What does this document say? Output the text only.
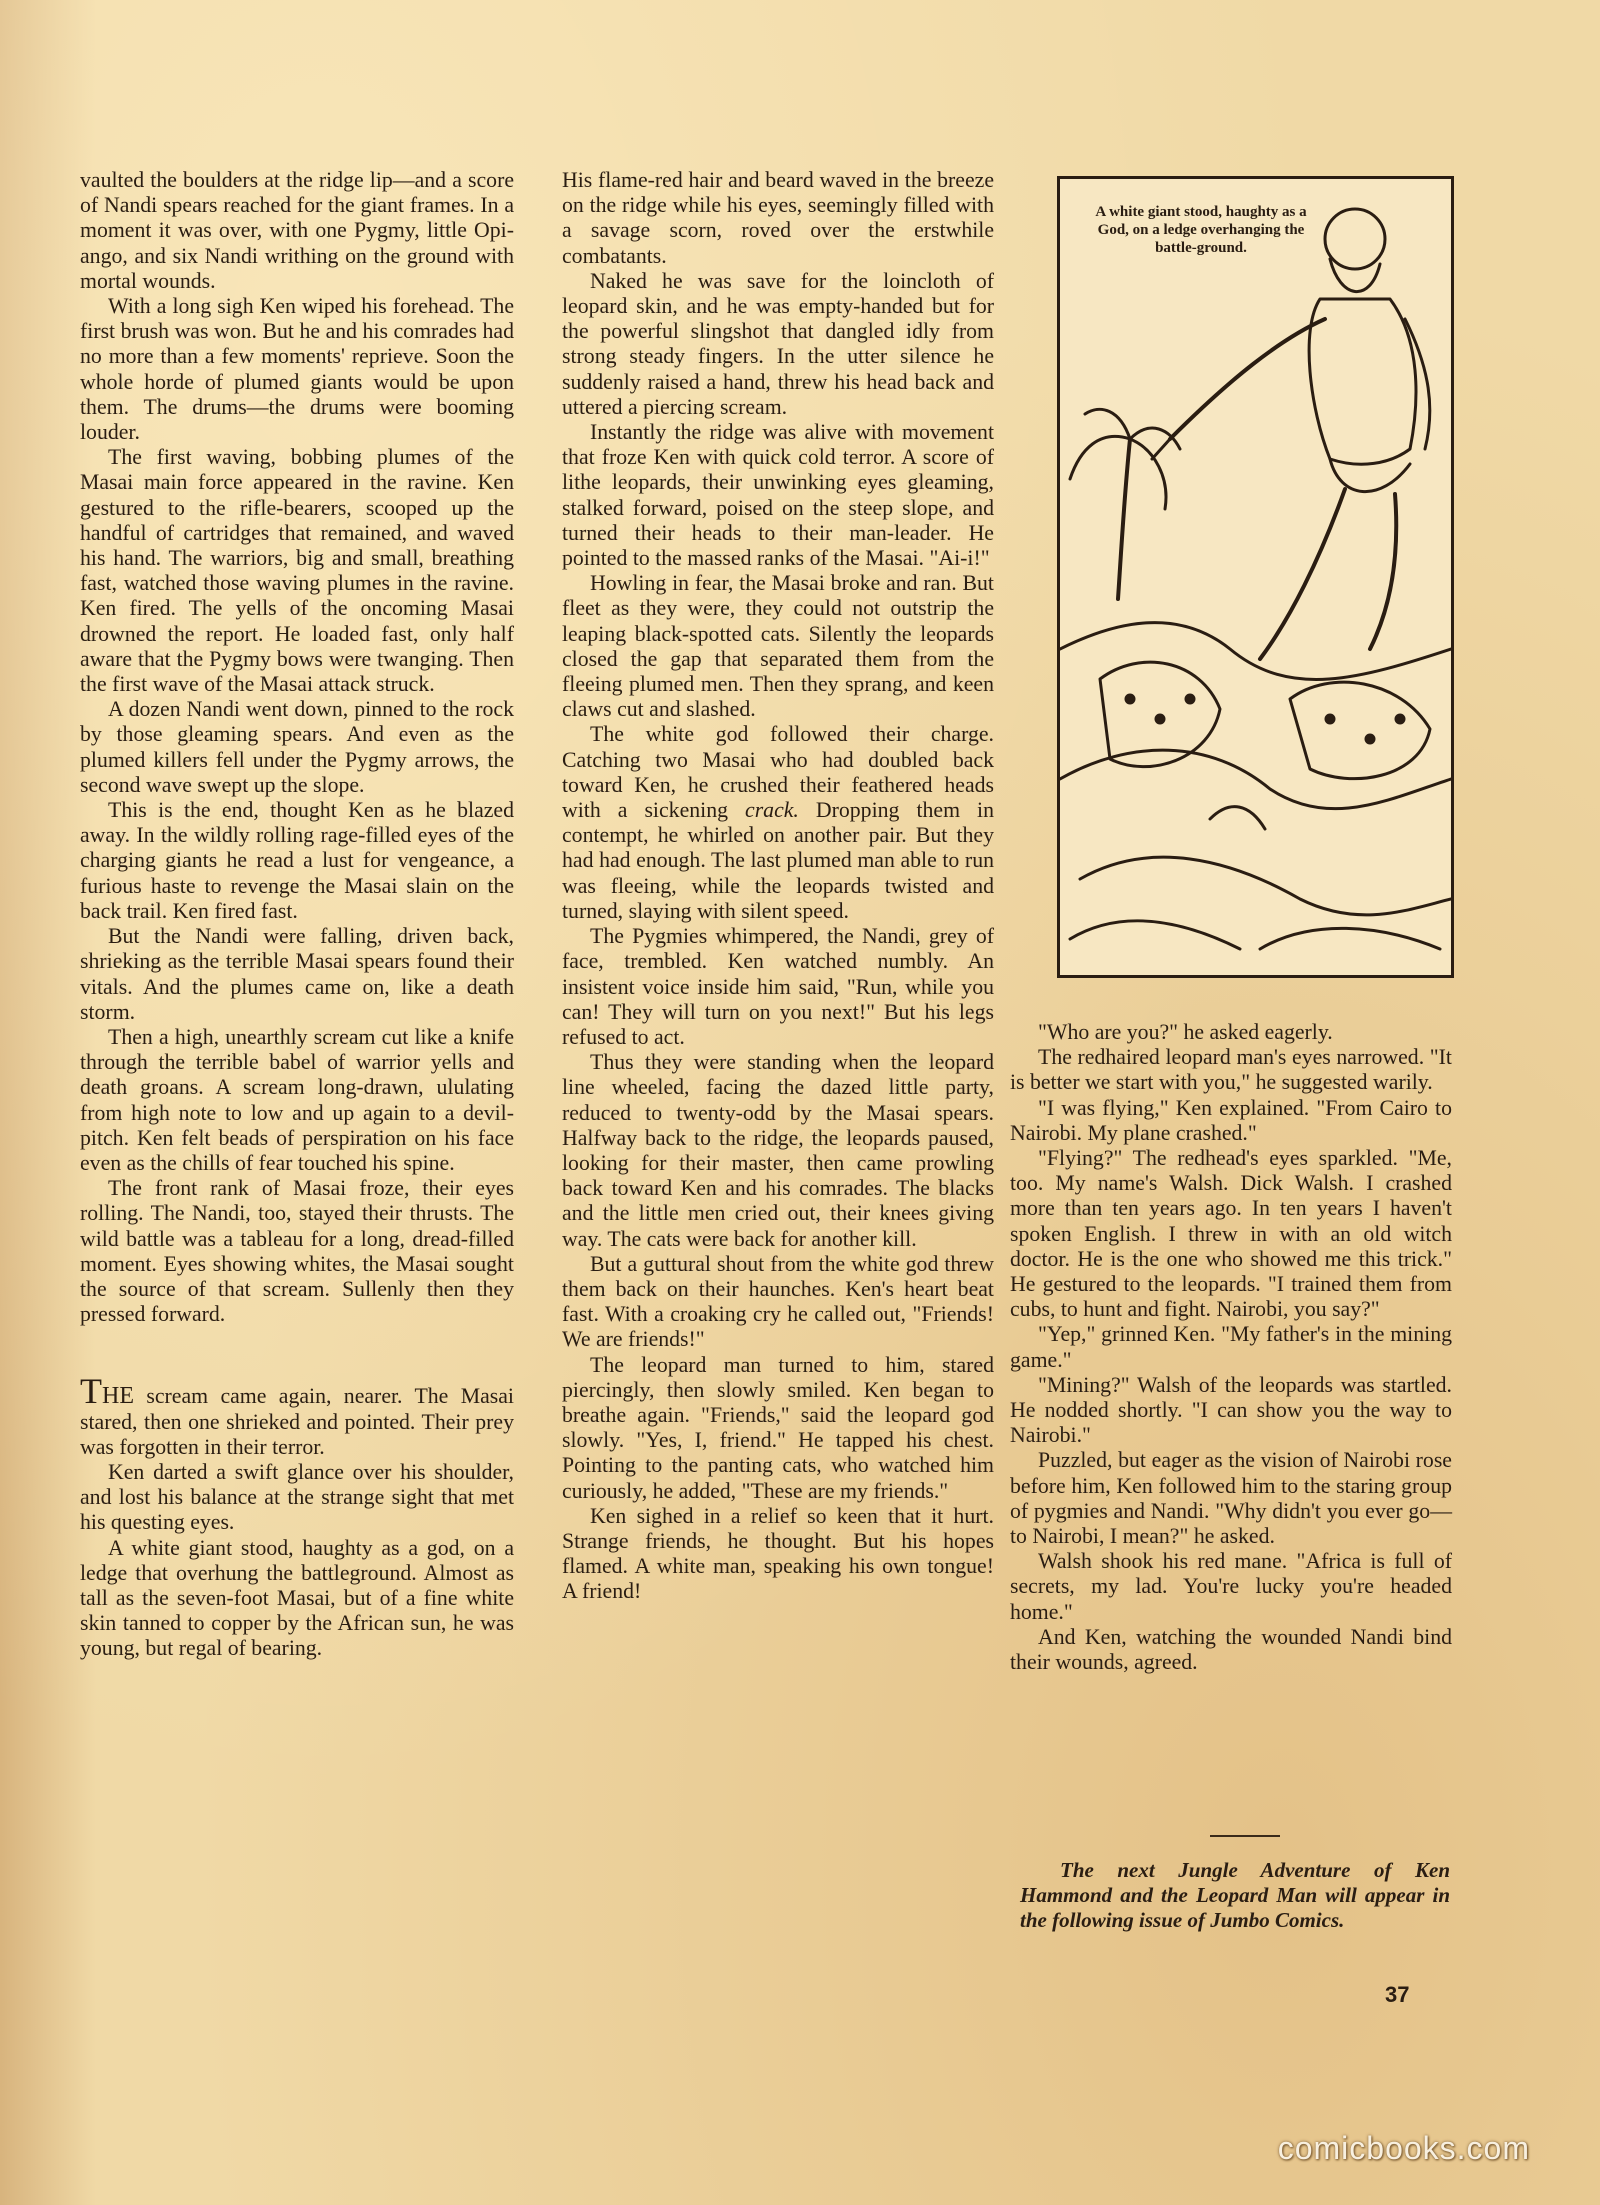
vaulted the boulders at the ridge lip—and a score of Nandi spears reached for the giant frames. In a moment it was over, with one Pygmy, little Opi-ango, and six Nandi writhing on the ground with mortal wounds.

With a long sigh Ken wiped his forehead. The first brush was won. But he and his comrades had no more than a few moments' reprieve. Soon the whole horde of plumed giants would be upon them. The drums—the drums were booming louder.

The first waving, bobbing plumes of the Masai main force appeared in the ravine. Ken gestured to the rifle-bearers, scooped up the handful of cartridges that remained, and waved his hand. The warriors, big and small, breathing fast, watched those waving plumes in the ravine. Ken fired. The yells of the oncoming Masai drowned the report. He loaded fast, only half aware that the Pygmy bows were twanging. Then the first wave of the Masai attack struck.

A dozen Nandi went down, pinned to the rock by those gleaming spears. And even as the plumed killers fell under the Pygmy arrows, the second wave swept up the slope.

This is the end, thought Ken as he blazed away. In the wildly rolling rage-filled eyes of the charging giants he read a lust for vengeance, a furious haste to revenge the Masai slain on the back trail. Ken fired fast.

But the Nandi were falling, driven back, shrieking as the terrible Masai spears found their vitals. And the plumes came on, like a death storm.

Then a high, unearthly scream cut like a knife through the terrible babel of warrior yells and death groans. A scream long-drawn, ululating from high note to low and up again to a devil-pitch. Ken felt beads of perspiration on his face even as the chills of fear touched his spine.

The front rank of Masai froze, their eyes rolling. The Nandi, too, stayed their thrusts. The wild battle was a tableau for a long, dread-filled moment. Eyes showing whites, the Masai sought the source of that scream. Sullenly then they pressed forward.

THE scream came again, nearer. The Masai stared, then one shrieked and pointed. Their prey was forgotten in their terror.

Ken darted a swift glance over his shoulder, and lost his balance at the strange sight that met his questing eyes.

A white giant stood, haughty as a god, on a ledge that overhung the battleground. Almost as tall as the seven-foot Masai, but of a fine white skin tanned to copper by the African sun, he was young, but regal of bearing.

His flame-red hair and beard waved in the breeze on the ridge while his eyes, seemingly filled with a savage scorn, roved over the erstwhile combatants.

Naked he was save for the loincloth of leopard skin, and he was empty-handed but for the powerful slingshot that dangled idly from strong steady fingers. In the utter silence he suddenly raised a hand, threw his head back and uttered a piercing scream.

Instantly the ridge was alive with movement that froze Ken with quick cold terror. A score of lithe leopards, their unwinking eyes gleaming, stalked forward, poised on the steep slope, and turned their heads to their man-leader. He pointed to the massed ranks of the Masai. "Ai-i!"

Howling in fear, the Masai broke and ran. But fleet as they were, they could not outstrip the leaping black-spotted cats. Silently the leopards closed the gap that separated them from the fleeing plumed men. Then they sprang, and keen claws cut and slashed.

The white god followed their charge. Catching two Masai who had doubled back toward Ken, he crushed their feathered heads with a sickening crack. Dropping them in contempt, he whirled on another pair. But they had had enough. The last plumed man able to run was fleeing, while the leopards twisted and turned, slaying with silent speed.

The Pygmies whimpered, the Nandi, grey of face, trembled. Ken watched numbly. An insistent voice inside him said, "Run, while you can! They will turn on you next!" But his legs refused to act.

Thus they were standing when the leopard line wheeled, facing the dazed little party, reduced to twenty-odd by the Masai spears. Halfway back to the ridge, the leopards paused, looking for their master, then came prowling back toward Ken and his comrades. The blacks and the little men cried out, their knees giving way. The cats were back for another kill.

But a guttural shout from the white god threw them back on their haunches. Ken's heart beat fast. With a croaking cry he called out, "Friends! We are friends!"

The leopard man turned to him, stared piercingly, then slowly smiled. Ken began to breathe again. "Friends," said the leopard god slowly. "Yes, I, friend." He tapped his chest. Pointing to the panting cats, who watched him curiously, he added, "These are my friends."

Ken sighed in a relief so keen that it hurt. Strange friends, he thought. But his hopes flamed. A white man, speaking his own tongue! A friend!

A white giant stood, haughty as a God, on a ledge overhanging the battle-ground.

"Who are you?" he asked eagerly.

The redhaired leopard man's eyes narrowed. "It is better we start with you," he suggested warily.

"I was flying," Ken explained. "From Cairo to Nairobi. My plane crashed."

"Flying?" The redhead's eyes sparkled. "Me, too. My name's Walsh. Dick Walsh. I crashed more than ten years ago. In ten years I haven't spoken English. I threw in with an old witch doctor. He is the one who showed me this trick." He gestured to the leopards. "I trained them from cubs, to hunt and fight. Nairobi, you say?"

"Yep," grinned Ken. "My father's in the mining game."

"Mining?" Walsh of the leopards was startled. He nodded shortly. "I can show you the way to Nairobi."

Puzzled, but eager as the vision of Nairobi rose before him, Ken followed him to the staring group of pygmies and Nandi. "Why didn't you ever go—to Nairobi, I mean?" he asked.

Walsh shook his red mane. "Africa is full of secrets, my lad. You're lucky you're headed home."

And Ken, watching the wounded Nandi bind their wounds, agreed.

The next Jungle Adventure of Ken Hammond and the Leopard Man will appear in the following issue of Jumbo Comics.

37
comicbooks.com
